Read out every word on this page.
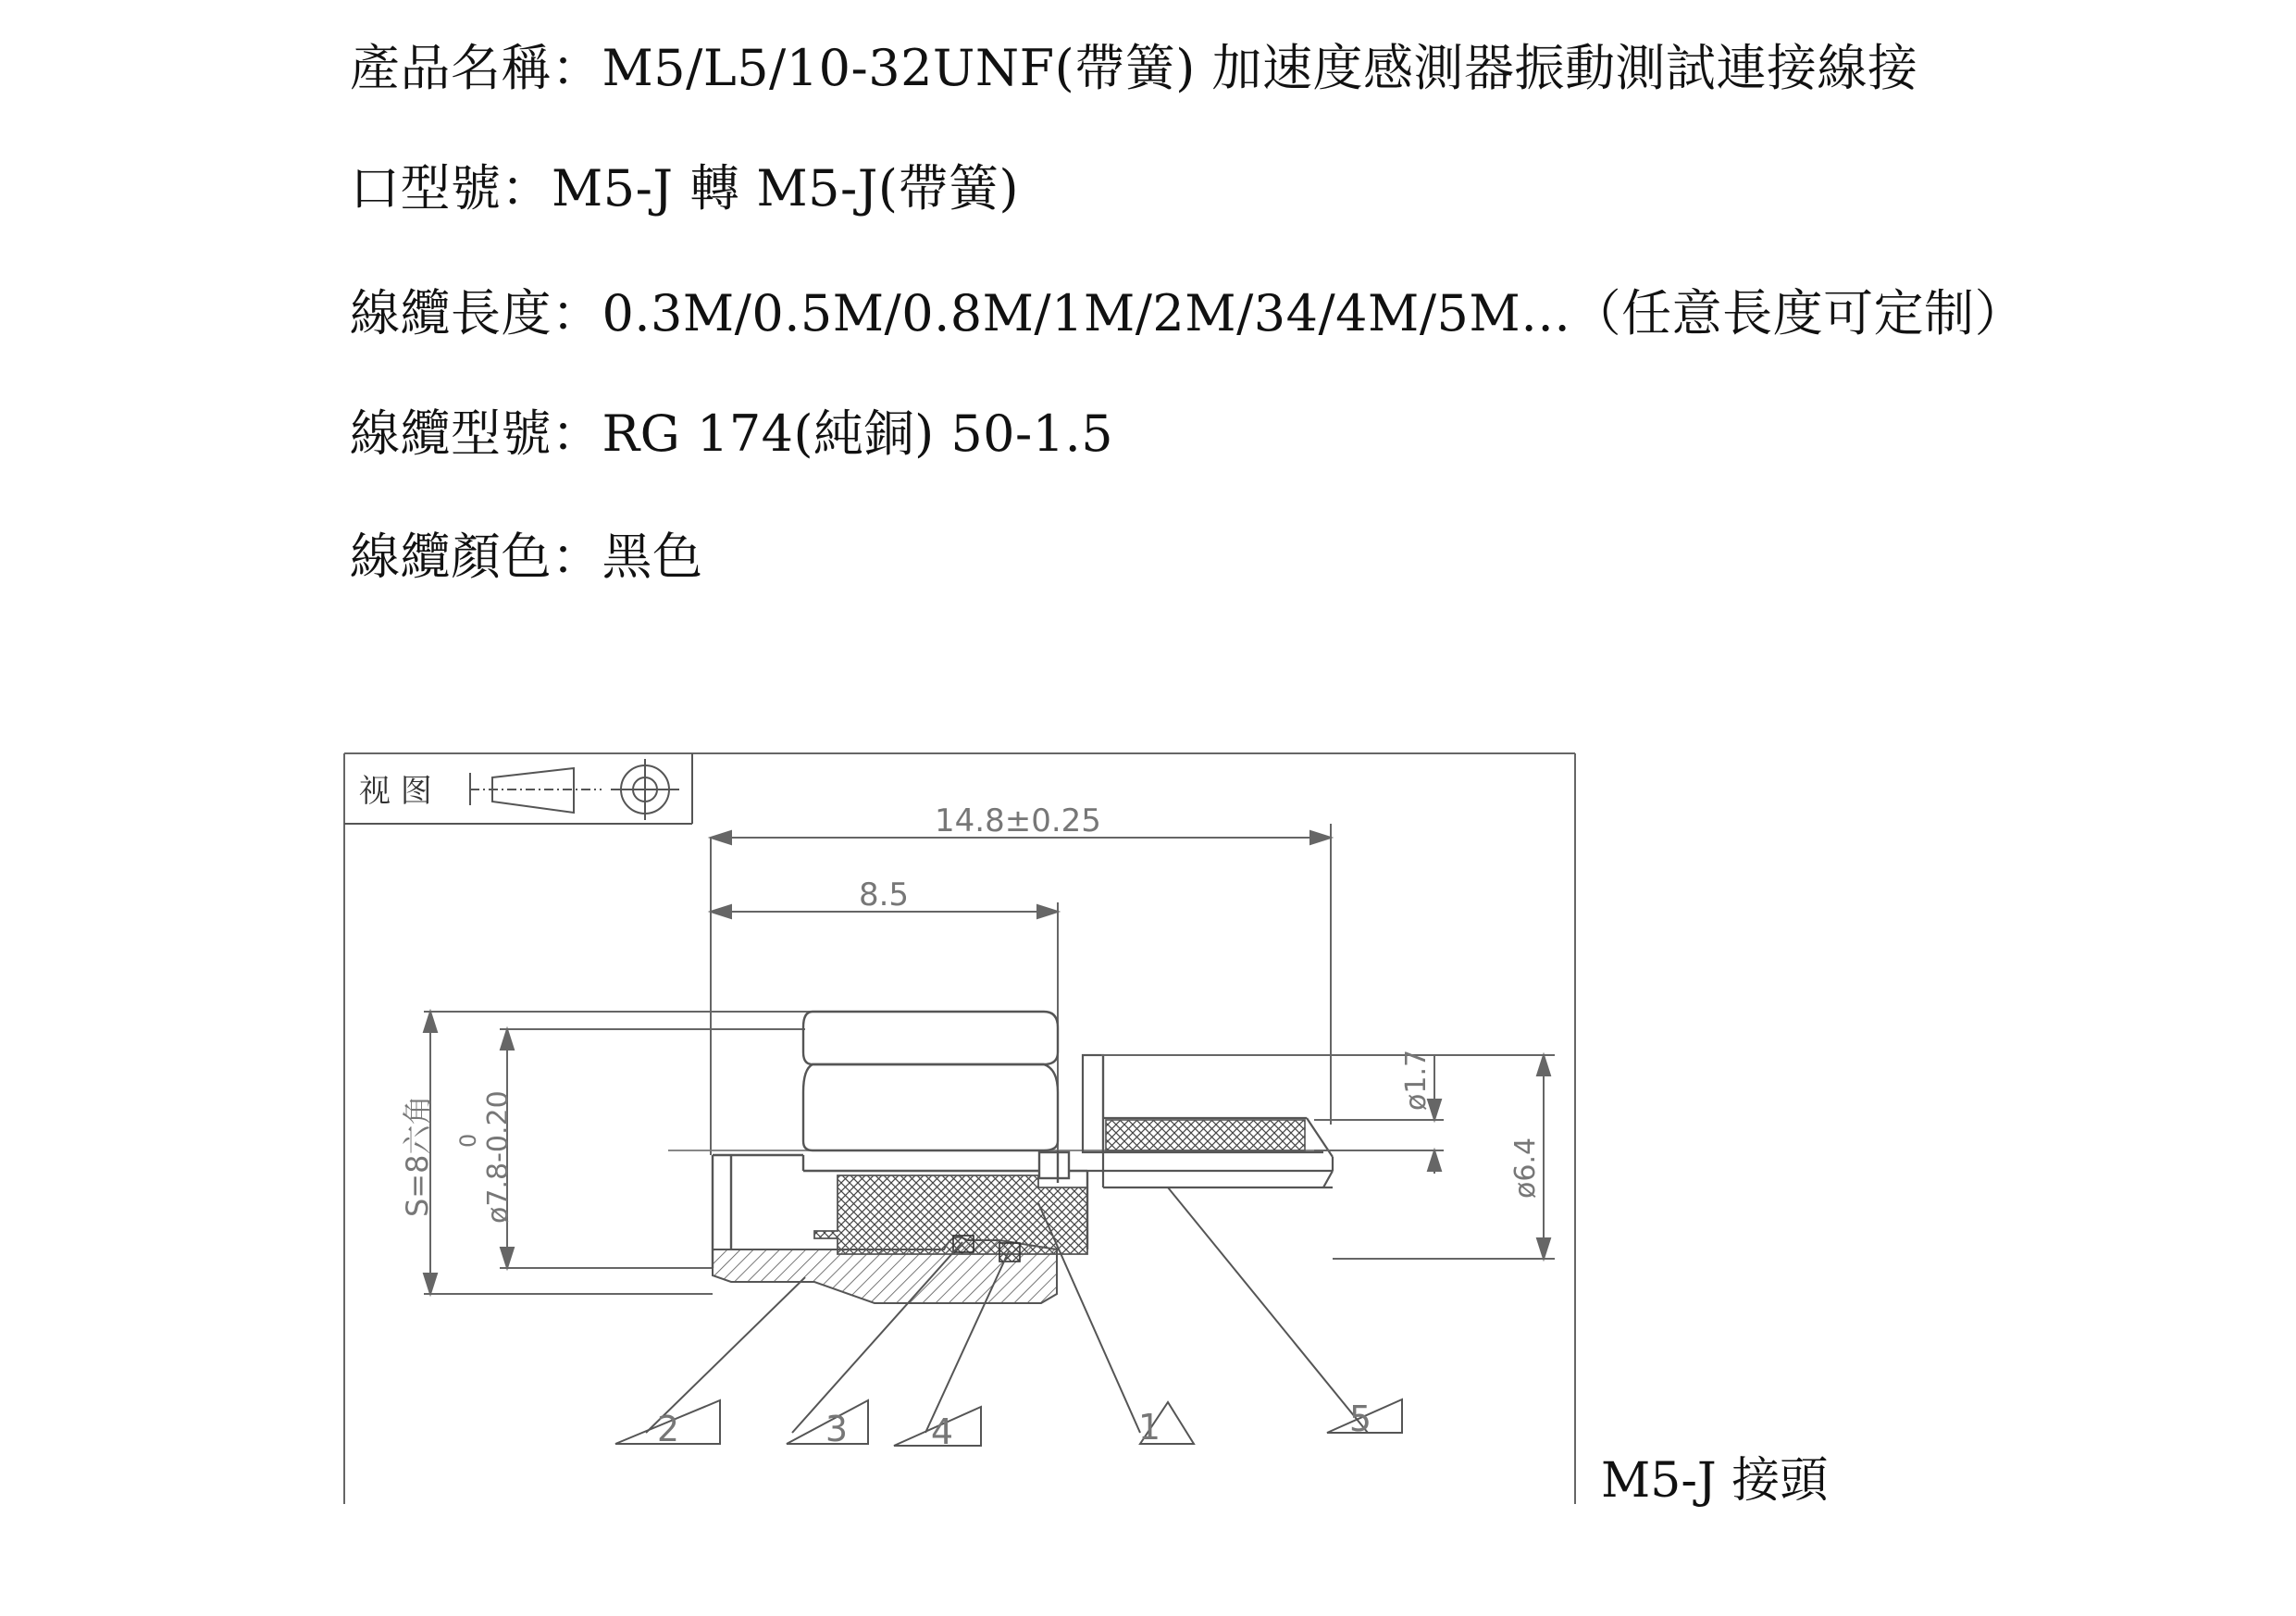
產品名稱：M5/L5/10-32UNF(帶簧) 加速度感測器振動測試連接線接
口型號：M5-J 轉 M5-J(帶簧)
線纜長度：0.3M/0.5M/0.8M/1M/2M/34/4M/5M…（任意長度可定制）
線纜型號：RG 174(純銅) 50-1.5
線纜顏色：黑色
视 图
14.8±0.25
8.5
S=8六角 ø7.8-0.20
0
ø1.7
ø6.4
2	3 4	1	5
M5-J 接頭
